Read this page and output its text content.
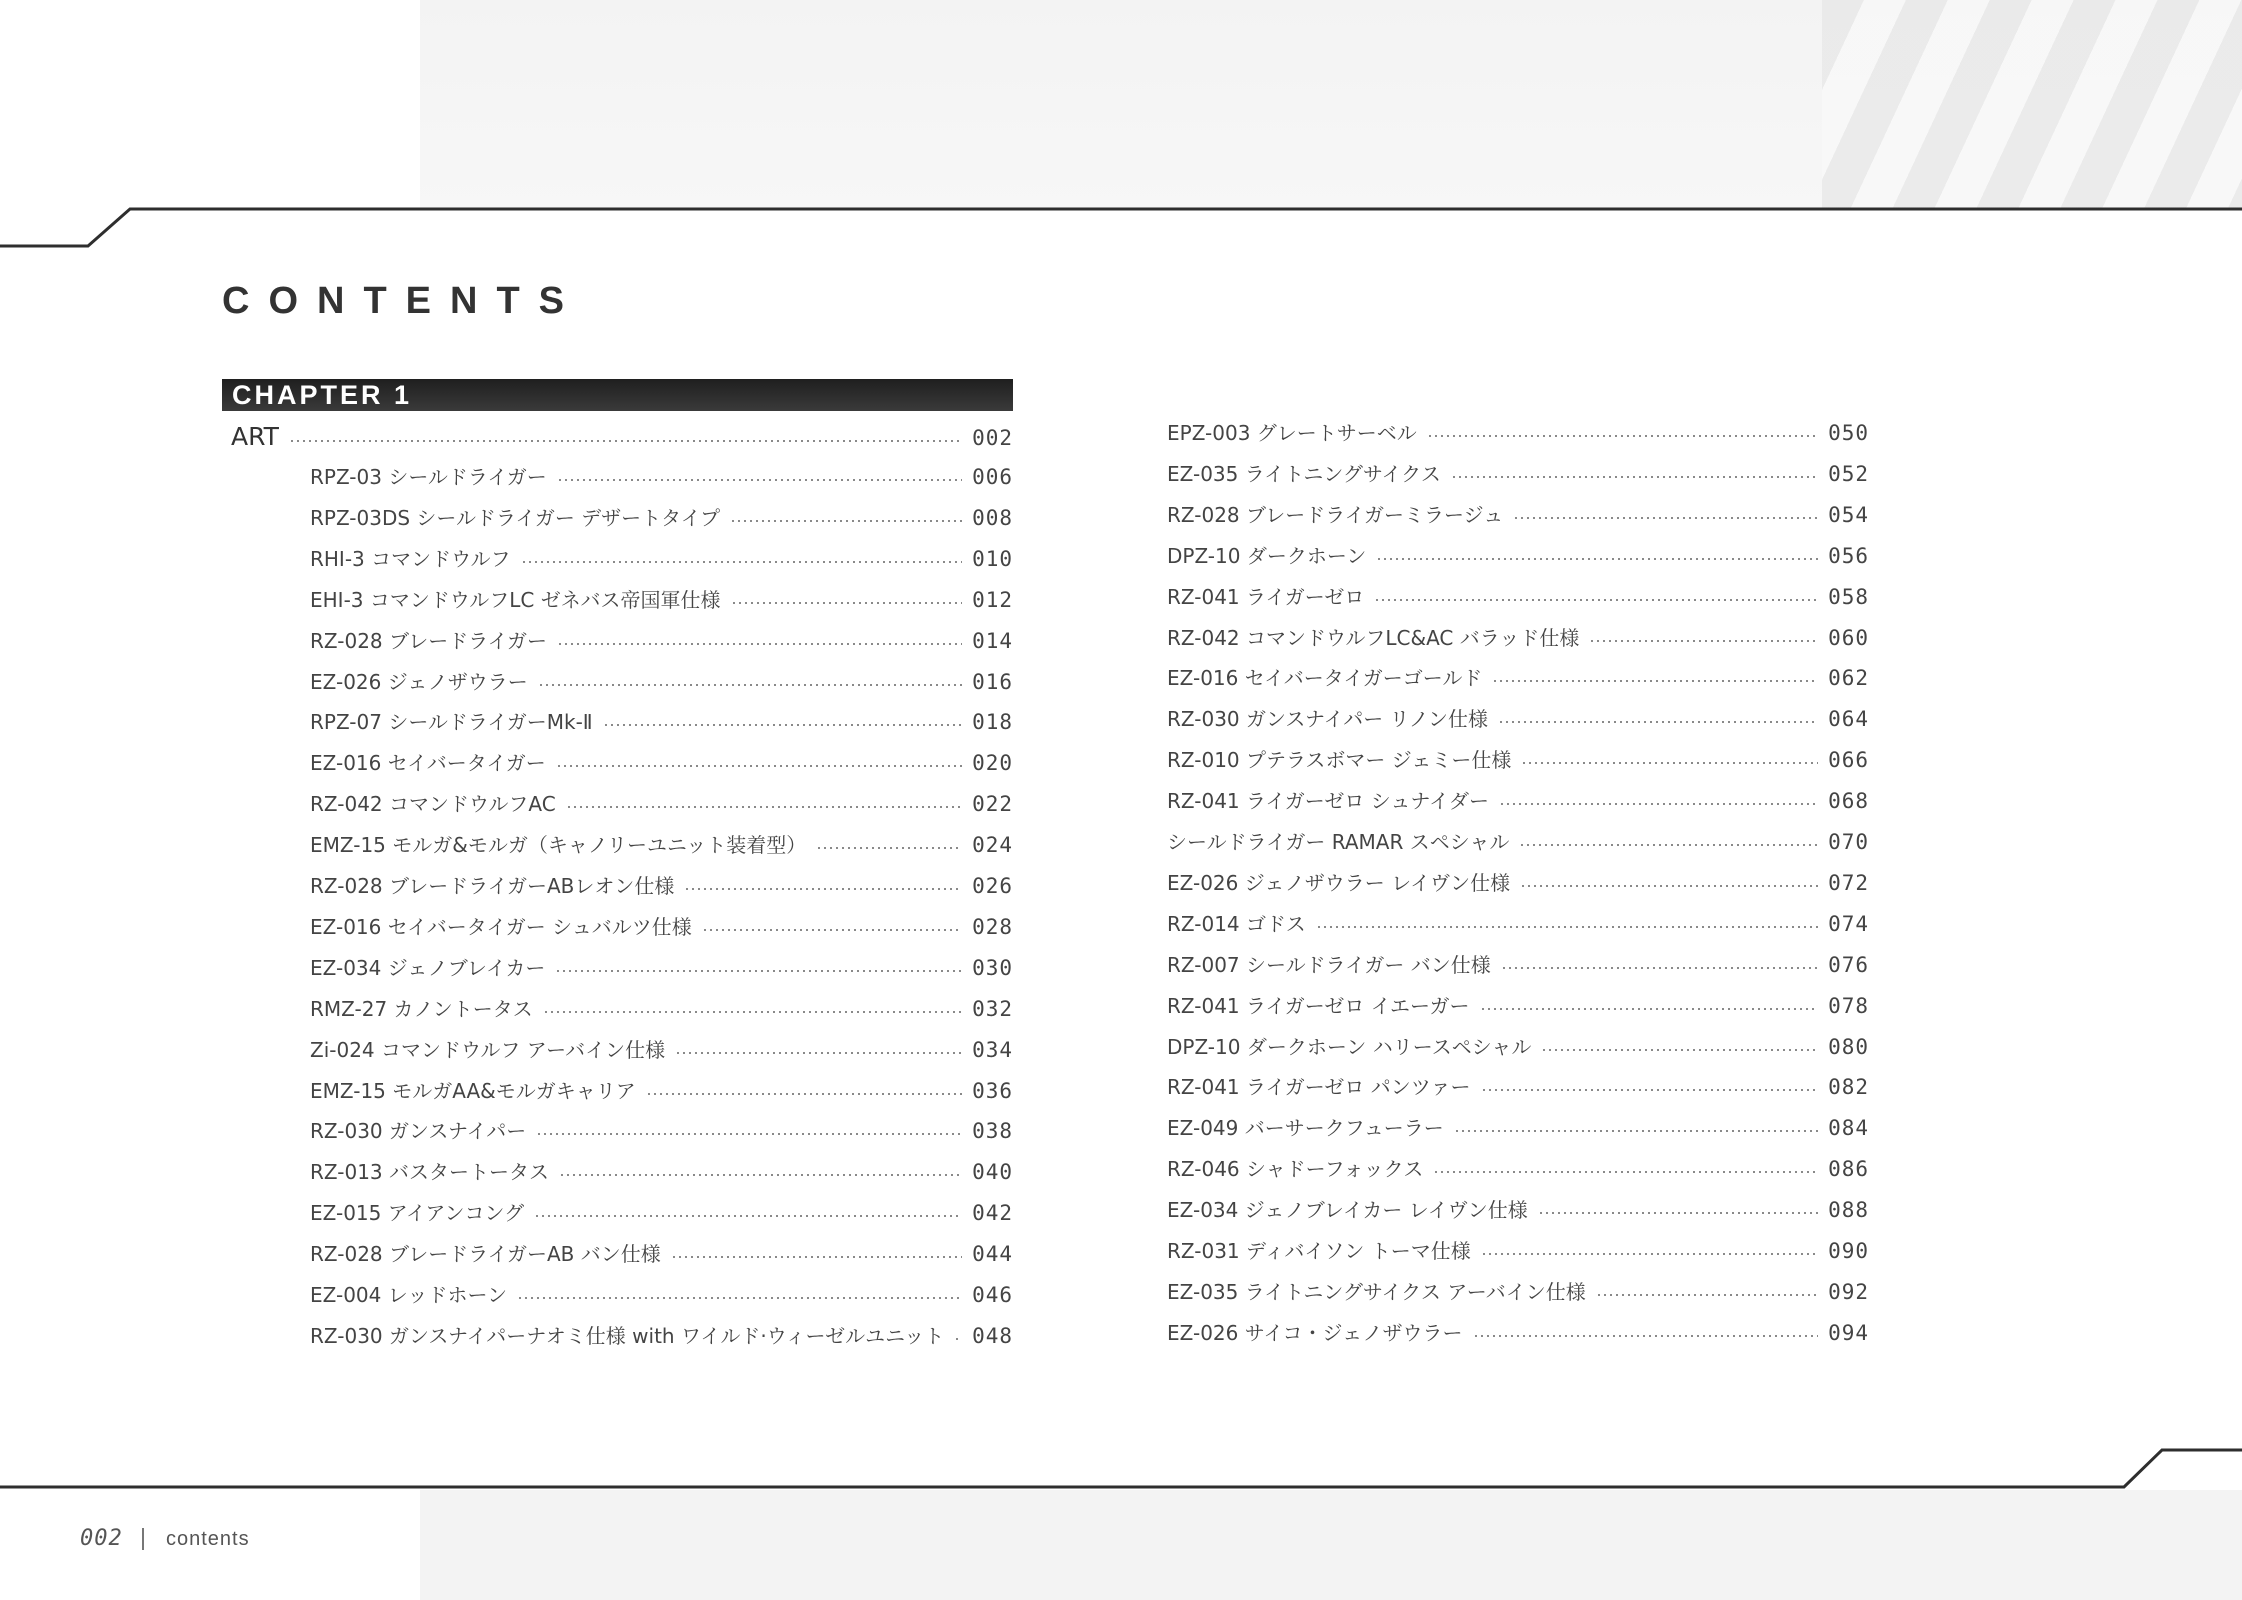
CONTENTS
CHAPTER 1
ART	002
RPZ-03 シールドライガー	006
RPZ-03DS シールドライガー デザートタイプ	008
RHI-3 コマンドウルフ	010
EHI-3 コマンドウルフLC ゼネバス帝国軍仕様	012
RZ-028 ブレードライガー	014
EZ-026 ジェノザウラー	016
RPZ-07 シールドライガーMk-Ⅱ	018
EZ-016 セイバータイガー	020
RZ-042 コマンドウルフAC	022
EMZ-15 モルガ&モルガ（キャノリーユニット装着型）	024
RZ-028 ブレードライガーABレオン仕様	026
EZ-016 セイバータイガー シュバルツ仕様	028
EZ-034 ジェノブレイカー	030
RMZ-27 カノントータス	032
Zi-024 コマンドウルフ アーバイン仕様	034
EMZ-15 モルガAA&モルガキャリア	036
RZ-030 ガンスナイパー	038
RZ-013 バスタートータス	040
EZ-015 アイアンコング	042
RZ-028 ブレードライガーAB バン仕様	044
EZ-004 レッドホーン	046
RZ-030 ガンスナイパーナオミ仕様 with ワイルド·ウィーゼルユニット 048
EPZ-003 グレートサーベル	050
EZ-035 ライトニングサイクス	052
RZ-028 ブレードライガーミラージュ	054
DPZ-10 ダークホーン	056
RZ-041 ライガーゼロ	058
RZ-042 コマンドウルフLC&AC バラッド仕様	060
EZ-016 セイバータイガーゴールド	062
RZ-030 ガンスナイパー リノン仕様	064
RZ-010 プテラスボマー ジェミー仕様	066
RZ-041 ライガーゼロ シュナイダー	068
シールドライガー RAMAR スペシャル	070
EZ-026 ジェノザウラー レイヴン仕様	072
RZ-014 ゴドス	074
RZ-007 シールドライガー バン仕様	076
RZ-041 ライガーゼロ イエーガー	078
DPZ-10 ダークホーン ハリースペシャル	080
RZ-041 ライガーゼロ パンツァー	082
EZ-049 バーサークフューラー	084
RZ-046 シャドーフォックス	086
EZ-034 ジェノブレイカー レイヴン仕様	088
RZ-031 ディバイソン トーマ仕様	090
EZ-035 ライトニングサイクス アーバイン仕様	092
EZ-026 サイコ・ジェノザウラー	094
002 contents
